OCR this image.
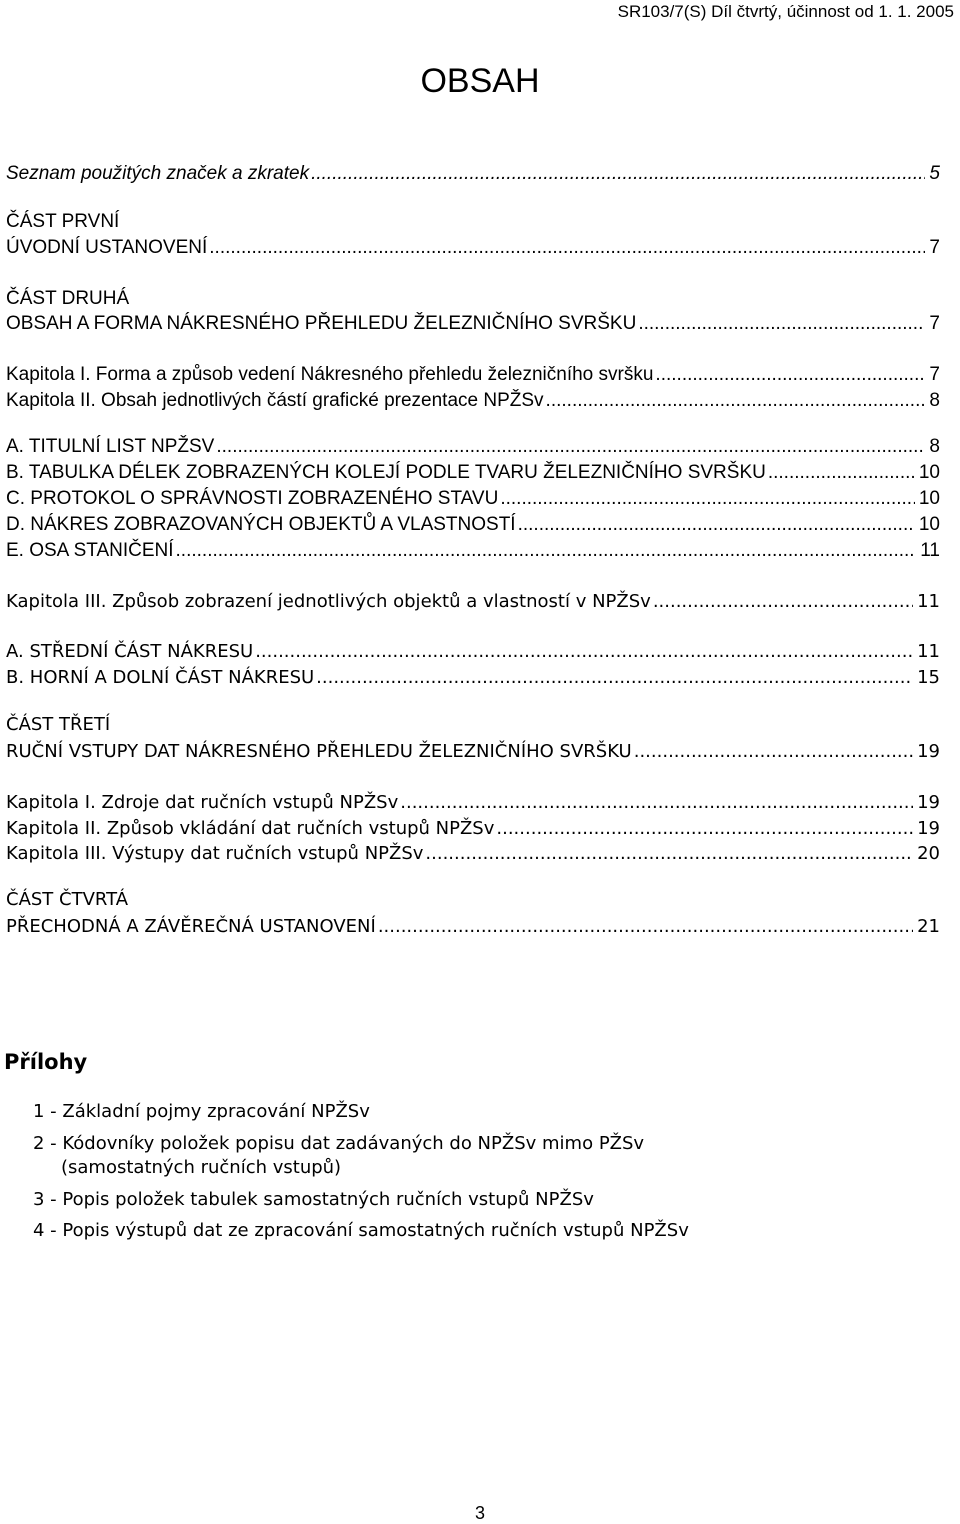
SR103/7(S) Díl čtvrtý, účinnost od 1. 1. 2005
OBSAH
Seznam použitých značek a zkratek .....	5
ČÁST PRVNÍ
ÚVODNÍ USTANOVENÍ .....	7
ČÁST DRUHÁ
OBSAH A FORMA NÁKRESNÉHO PŘEHLEDU ŽELEZNIČNÍHO SVRŠKU .....	7
Kapitola I. Forma a způsob vedení Nákresného přehledu železničního svršku .....	7
Kapitola II. Obsah jednotlivých částí grafické prezentace NPŽSv .....	8
A. TITULNÍ LIST NPŽSV .....	8
B. TABULKA DÉLEK ZOBRAZENÝCH KOLEJÍ PODLE TVARU ŽELEZNIČNÍHO SVRŠKU .....	10
C. PROTOKOL O SPRÁVNOSTI ZOBRAZENÉHO STAVU .....	10
D. NÁKRES ZOBRAZOVANÝCH OBJEKTŮ A VLASTNOSTÍ .....	10
E. OSA STANIČENÍ .....	11
Kapitola III. Způsob zobrazení jednotlivých objektů a vlastností v NPŽSv .....	11
A. STŘEDNÍ ČÁST NÁKRESU .....	11
B. HORNÍ A DOLNÍ ČÁST NÁKRESU .....	15
ČÁST TŘETÍ
RUČNÍ VSTUPY DAT NÁKRESNÉHO PŘEHLEDU ŽELEZNIČNÍHO SVRŠKU .....	19
Kapitola I. Zdroje dat ručních vstupů NPŽSv .....	19
Kapitola II. Způsob vkládání dat ručních vstupů NPŽSv .....	19
Kapitola III. Výstupy dat ručních vstupů NPŽSv .....	20
ČÁST ČTVRTÁ
PŘECHODNÁ A ZÁVĚREČNÁ USTANOVENÍ .....	21
Přílohy
1 - Základní pojmy zpracování NPŽSv
2 - Kódovníky položek popisu dat zadávaných do NPŽSv mimo PŽSv
(samostatných ručních vstupů)
3 - Popis položek tabulek samostatných ručních vstupů NPŽSv
4 - Popis výstupů dat ze zpracování samostatných ručních vstupů NPŽSv
3
